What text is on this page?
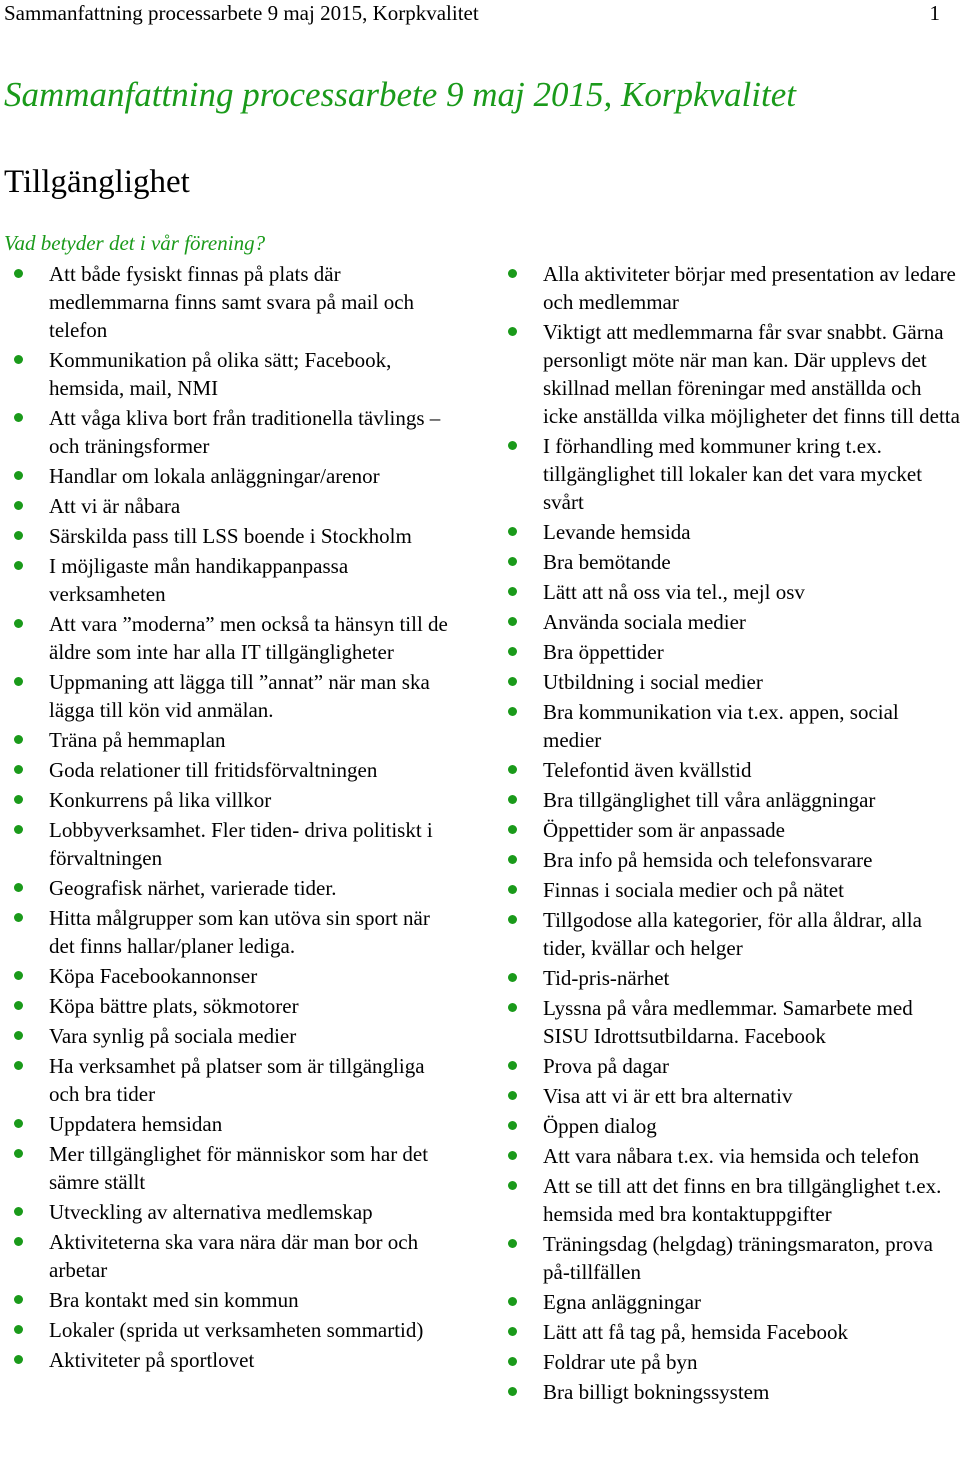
Sammanfattning processarbete 9 maj 2015, Korpkvalitet	1
Sammanfattning processarbete 9 maj 2015, Korpkvalitet
Tillgänglighet
Vad betyder det i vår förening?
Att både fysiskt finnas på plats där medlemmarna finns samt svara på mail och telefon
Kommunikation på olika sätt; Facebook, hemsida, mail, NMI
Att våga kliva bort från traditionella tävlings – och träningsformer
Handlar om lokala anläggningar/arenor
Att vi är nåbara
Särskilda pass till LSS boende i Stockholm
I möjligaste mån handikappanpassa verksamheten
Att vara ”moderna” men också ta hänsyn till de äldre som inte har alla IT tillgängligheter
Uppmaning att lägga till ”annat” när man ska lägga till kön vid anmälan.
Träna på hemmaplan
Goda relationer till fritidsförvaltningen
Konkurrens på lika villkor
Lobbyverksamhet. Fler tiden- driva politiskt i förvaltningen
Geografisk närhet, varierade tider.
Hitta målgrupper som kan utöva sin sport när det finns hallar/planer lediga.
Köpa Facebookannonser
Köpa bättre plats, sökmotorer
Vara synlig på sociala medier
Ha verksamhet på platser som är tillgängliga och bra tider
Uppdatera hemsidan
Mer tillgänglighet för människor som har det sämre ställt
Utveckling av alternativa medlemskap
Aktiviteterna ska vara nära där man bor och arbetar
Bra kontakt med sin kommun
Lokaler (sprida ut verksamheten sommartid)
Aktiviteter på sportlovet
Alla aktiviteter börjar med presentation av ledare och medlemmar
Viktigt att medlemmarna får svar snabbt. Gärna personligt möte när man kan. Där upplevs det skillnad mellan föreningar med anställda och icke anställda vilka möjligheter det finns till detta
I förhandling med kommuner kring t.ex. tillgänglighet till lokaler kan det vara mycket svårt
Levande hemsida
Bra bemötande
Lätt att nå oss via tel., mejl osv
Använda sociala medier
Bra öppettider
Utbildning i social medier
Bra kommunikation via t.ex. appen, social medier
Telefontid även kvällstid
Bra tillgänglighet till våra anläggningar
Öppettider som är anpassade
Bra info på hemsida och telefonsvarare
Finnas i sociala medier och på nätet
Tillgodose alla kategorier, för alla åldrar, alla tider, kvällar och helger
Tid-pris-närhet
Lyssna på våra medlemmar. Samarbete med SISU Idrottsutbildarna. Facebook
Prova på dagar
Visa att vi är ett bra alternativ
Öppen dialog
Att vara nåbara t.ex. via hemsida och telefon
Att se till att det finns en bra tillgänglighet t.ex. hemsida med bra kontaktuppgifter
Träningsdag (helgdag) träningsmaraton, prova på-tillfällen
Egna anläggningar
Lätt att få tag på, hemsida Facebook
Foldrar ute på byn
Bra billigt bokningssystem
